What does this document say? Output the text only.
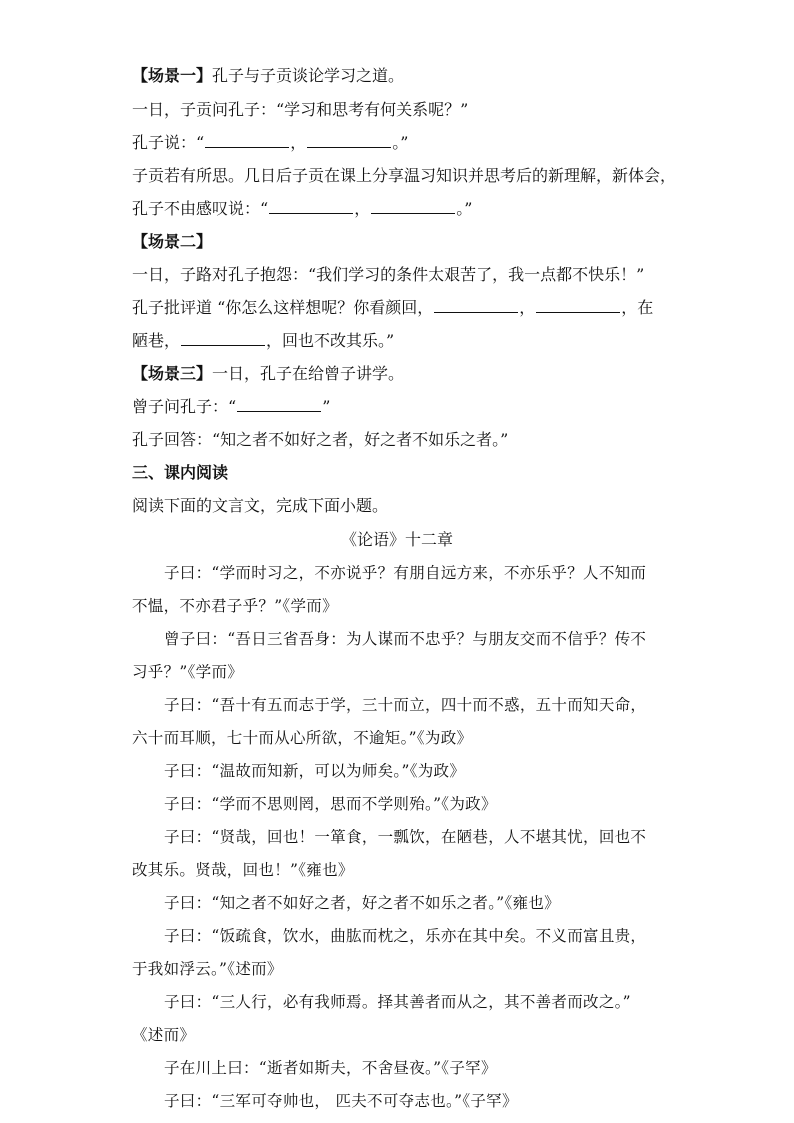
【场景一】孔子与子贡谈论学习之道。
一日，子贡问孔子：“学习和思考有何关系呢？”
孔子说：“	，	。”
子贡若有所思。几日后子贡在课上分享温习知识并思考后的新理解，新体会，
孔子不由感叹说：“	，	。”
【场景二】
一日，子路对孔子抱怨：“我们学习的条件太艰苦了，我一点都不快乐！”
孔子批评道 “你怎么这样想呢？你看颜回，	，	，在
陋巷，	，回也不改其乐。”
【场景三】一日，孔子在给曾子讲学。
曾子问孔子：“	”
孔子回答：“知之者不如好之者，好之者不如乐之者。”
三、课内阅读
阅读下面的文言文，完成下面小题。
《论语》十二章
子曰：“学而时习之，不亦说乎？有朋自远方来，不亦乐乎？人不知而
不愠，不亦君子乎？”《学而》
曾子曰：“吾日三省吾身：为人谋而不忠乎？与朋友交而不信乎？传不
习乎？”《学而》
子曰：“吾十有五而志于学，三十而立，四十而不惑，五十而知天命，
六十而耳顺，七十而从心所欲，不逾矩。”《为政》
子曰：“温故而知新，可以为师矣。”《为政》
子曰：“学而不思则罔，思而不学则殆。”《为政》
子曰：“贤哉，回也！一箪食，一瓢饮，在陋巷，人不堪其忧，回也不
改其乐。贤哉，回也！”《雍也》
子曰：“知之者不如好之者，好之者不如乐之者。”《雍也》
子曰：“饭疏食，饮水，曲肱而枕之，乐亦在其中矣。不义而富且贵，
于我如浮云。”《述而》
子曰：“三人行，必有我师焉。择其善者而从之，其不善者而改之。”
《述而》
子在川上曰：“逝者如斯夫，不舍昼夜。”《子罕》
子曰：“三军可夺帅也， 匹夫不可夺志也。”《子罕》
